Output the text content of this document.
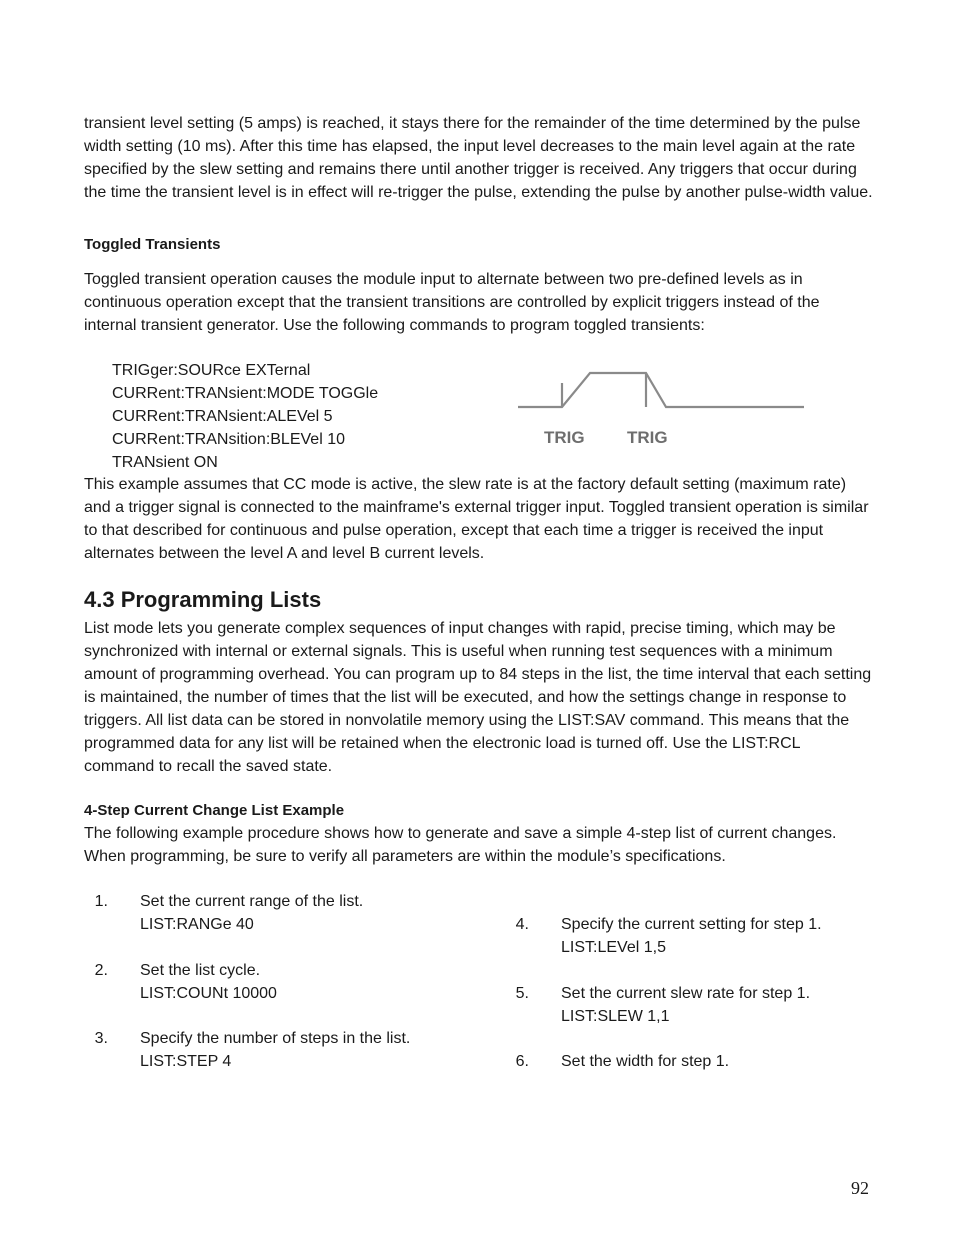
transient level setting (5 amps) is reached, it stays there for the remainder of the time determined by the pulse width setting (10 ms). After this time has elapsed, the input level decreases to the main level again at the rate specified by the slew setting and remains there until another trigger is received. Any triggers that occur during the time the transient level is in effect will re-trigger the pulse, extending the pulse by another pulse-width value.

Toggled Transients

Toggled transient operation causes the module input to alternate between two pre-defined levels as in continuous operation except that the transient transitions are controlled by explicit triggers instead of the internal transient generator. Use the following commands to program toggled transients:

TRIGger:SOURce EXTernal
CURRent:TRANsient:MODE TOGGle
CURRent:TRANsient:ALEVel 5
CURRent:TRANsition:BLEVel 10
TRANsient ON
TRIG TRIG

This example assumes that CC mode is active, the slew rate is at the factory default setting (maximum rate) and a trigger signal is connected to the mainframe's external trigger input. Toggled transient operation is similar to that described for continuous and pulse operation, except that each time a trigger is received the input alternates between the level A and level B current levels.

4.3 Programming Lists

List mode lets you generate complex sequences of input changes with rapid, precise timing, which may be synchronized with internal or external signals. This is useful when running test sequences with a minimum amount of programming overhead. You can program up to 84 steps in the list, the time interval that each setting is maintained, the number of times that the list will be executed, and how the settings change in response to triggers. All list data can be stored in nonvolatile memory using the LIST:SAV command. This means that the programmed data for any list will be retained when the electronic load is turned off. Use the LIST:RCL command to recall the saved state.

4-Step Current Change List Example

The following example procedure shows how to generate and save a simple 4-step list of current changes. When programming, be sure to verify all parameters are within the module’s specifications.

1. Set the current range of the list.
LIST:RANGe 40
2. Set the list cycle.
LIST:COUNt 10000
3. Specify the number of steps in the list.
LIST:STEP 4
4. Specify the current setting for step 1.
LIST:LEVel 1,5
5. Set the current slew rate for step 1.
LIST:SLEW 1,1
6. Set the width for step 1.
92
